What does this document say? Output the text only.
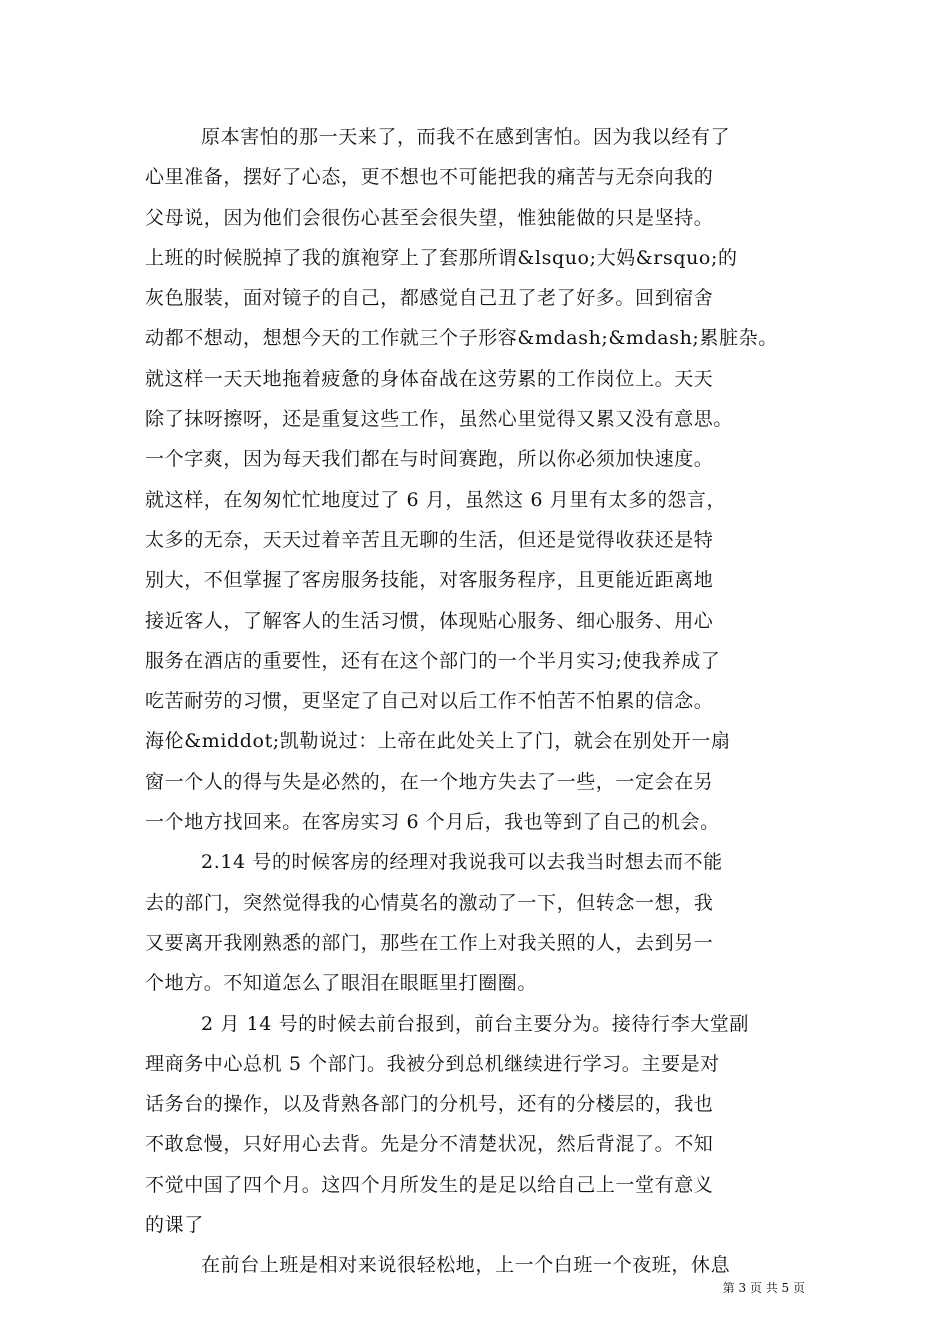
原本害怕的那一天来了，而我不在感到害怕。因为我以经有了
心里准备，摆好了心态，更不想也不可能把我的痛苦与无奈向我的
父母说，因为他们会很伤心甚至会很失望，惟独能做的只是坚持。
上班的时候脱掉了我的旗袍穿上了套那所谓&lsquo;大妈&rsquo;的
灰色服装，面对镜子的自己，都感觉自己丑了老了好多。回到宿舍
动都不想动，想想今天的工作就三个子形容&mdash;&mdash;累脏杂。
就这样一天天地拖着疲惫的身体奋战在这劳累的工作岗位上。天天
除了抹呀擦呀，还是重复这些工作，虽然心里觉得又累又没有意思。
一个字爽，因为每天我们都在与时间赛跑，所以你必须加快速度。
就这样，在匆匆忙忙地度过了 6 月，虽然这 6 月里有太多的怨言，
太多的无奈，天天过着辛苦且无聊的生活，但还是觉得收获还是特
别大，不但掌握了客房服务技能，对客服务程序，且更能近距离地
接近客人，了解客人的生活习惯，体现贴心服务、细心服务、用心
服务在酒店的重要性，还有在这个部门的一个半月实习;使我养成了
吃苦耐劳的习惯，更坚定了自己对以后工作不怕苦不怕累的信念。
海伦&middot;凯勒说过：上帝在此处关上了门，就会在别处开一扇
窗一个人的得与失是必然的，在一个地方失去了一些，一定会在另
一个地方找回来。在客房实习 6 个月后，我也等到了自己的机会。
2.14 号的时候客房的经理对我说我可以去我当时想去而不能
去的部门，突然觉得我的心情莫名的激动了一下，但转念一想，我
又要离开我刚熟悉的部门，那些在工作上对我关照的人，去到另一
个地方。不知道怎么了眼泪在眼眶里打圈圈。
2 月 14 号的时候去前台报到，前台主要分为。接待行李大堂副
理商务中心总机 5 个部门。我被分到总机继续进行学习。主要是对
话务台的操作，以及背熟各部门的分机号，还有的分楼层的，我也
不敢怠慢，只好用心去背。先是分不清楚状况，然后背混了。不知
不觉中国了四个月。这四个月所发生的是足以给自己上一堂有意义
的课了
在前台上班是相对来说很轻松地，上一个白班一个夜班，休息
第 3 页 共 5 页
